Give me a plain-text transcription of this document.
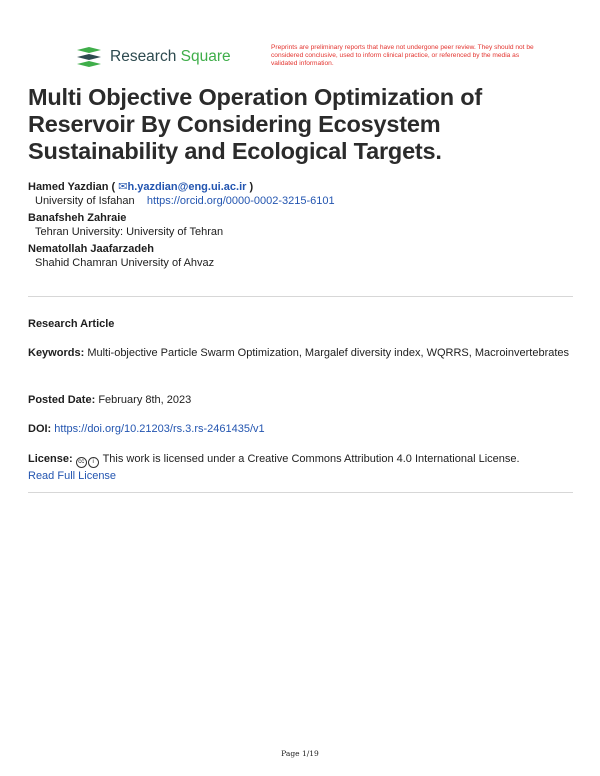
Research Square
Preprints are preliminary reports that have not undergone peer review. They should not be considered conclusive, used to inform clinical practice, or referenced by the media as validated information.
Multi Objective Operation Optimization of Reservoir By Considering Ecosystem Sustainability and Ecological Targets.
Hamed Yazdian ( ✉h.yazdian@eng.ui.ac.ir )
University of Isfahan https://orcid.org/0000-0002-3215-6101
Banafsheh Zahraie
Tehran University: University of Tehran
Nematollah Jaafarzadeh
Shahid Chamran University of Ahvaz
Research Article
Keywords: Multi-objective Particle Swarm Optimization, Margalef diversity index, WQRRS, Macroinvertebrates
Posted Date: February 8th, 2023
DOI: https://doi.org/10.21203/rs.3.rs-2461435/v1
License: cc i This work is licensed under a Creative Commons Attribution 4.0 International License.
Read Full License
Page 1/19
